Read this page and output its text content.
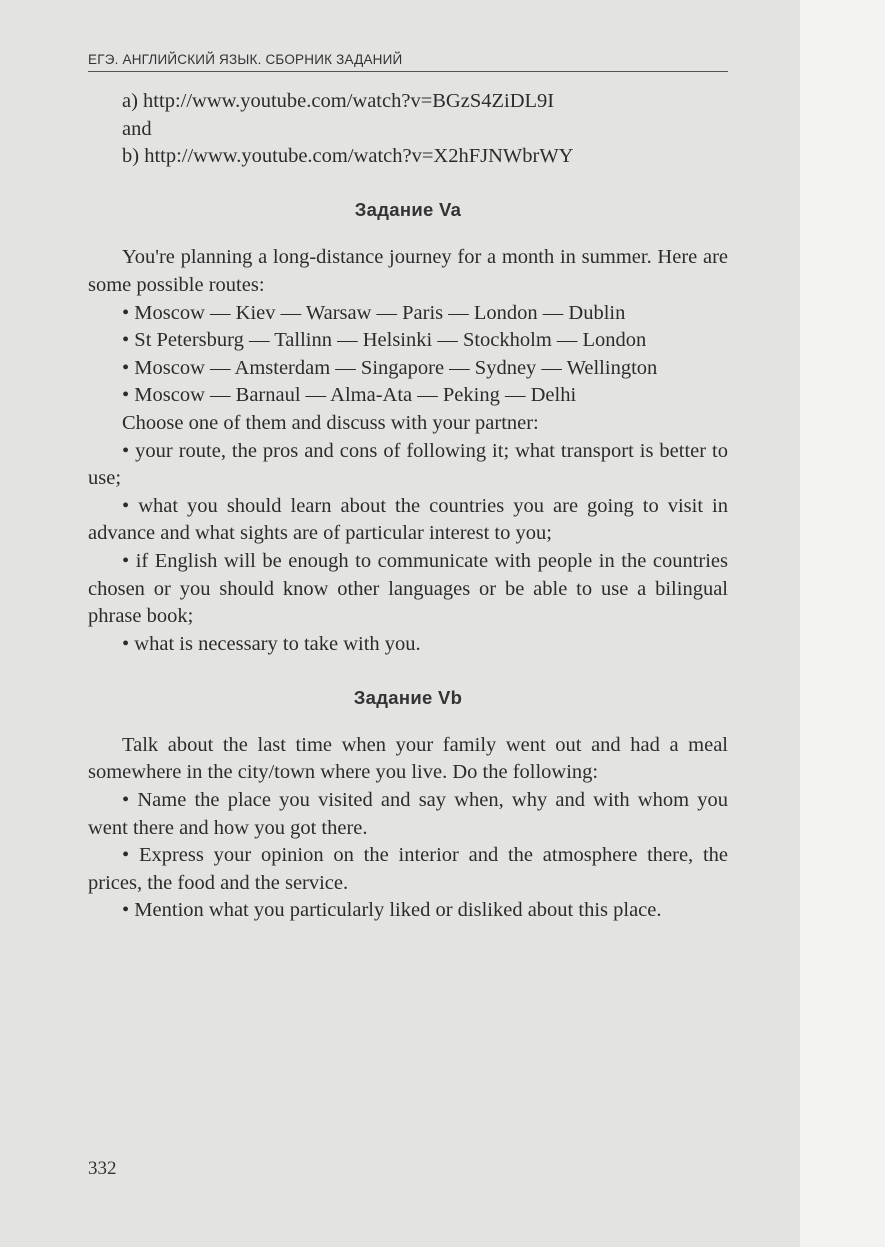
ЕГЭ. АНГЛИЙСКИЙ ЯЗЫК. СБОРНИК ЗАДАНИЙ

a) http://www.youtube.com/watch?v=BGzS4ZiDL9I

and

b) http://www.youtube.com/watch?v=X2hFJNWbrWY

Задание Va

You're planning a long-distance journey for a month in summer. Here are some possible routes:

• Moscow — Kiev — Warsaw — Paris — London — Dublin

• St Petersburg — Tallinn — Helsinki — Stockholm — London

• Moscow — Amsterdam — Singapore — Sydney — Wellington

• Moscow — Barnaul — Alma-Ata — Peking — Delhi

Choose one of them and discuss with your partner:

• your route, the pros and cons of following it; what transport is better to use;

• what you should learn about the countries you are going to visit in advance and what sights are of particular interest to you;

• if English will be enough to communicate with people in the countries chosen or you should know other languages or be able to use a bilingual phrase book;

• what is necessary to take with you.

Задание Vb

Talk about the last time when your family went out and had a meal somewhere in the city/town where you live. Do the following:

• Name the place you visited and say when, why and with whom you went there and how you got there.

• Express your opinion on the interior and the atmosphere there, the prices, the food and the service.

• Mention what you particularly liked or disliked about this place.

332
